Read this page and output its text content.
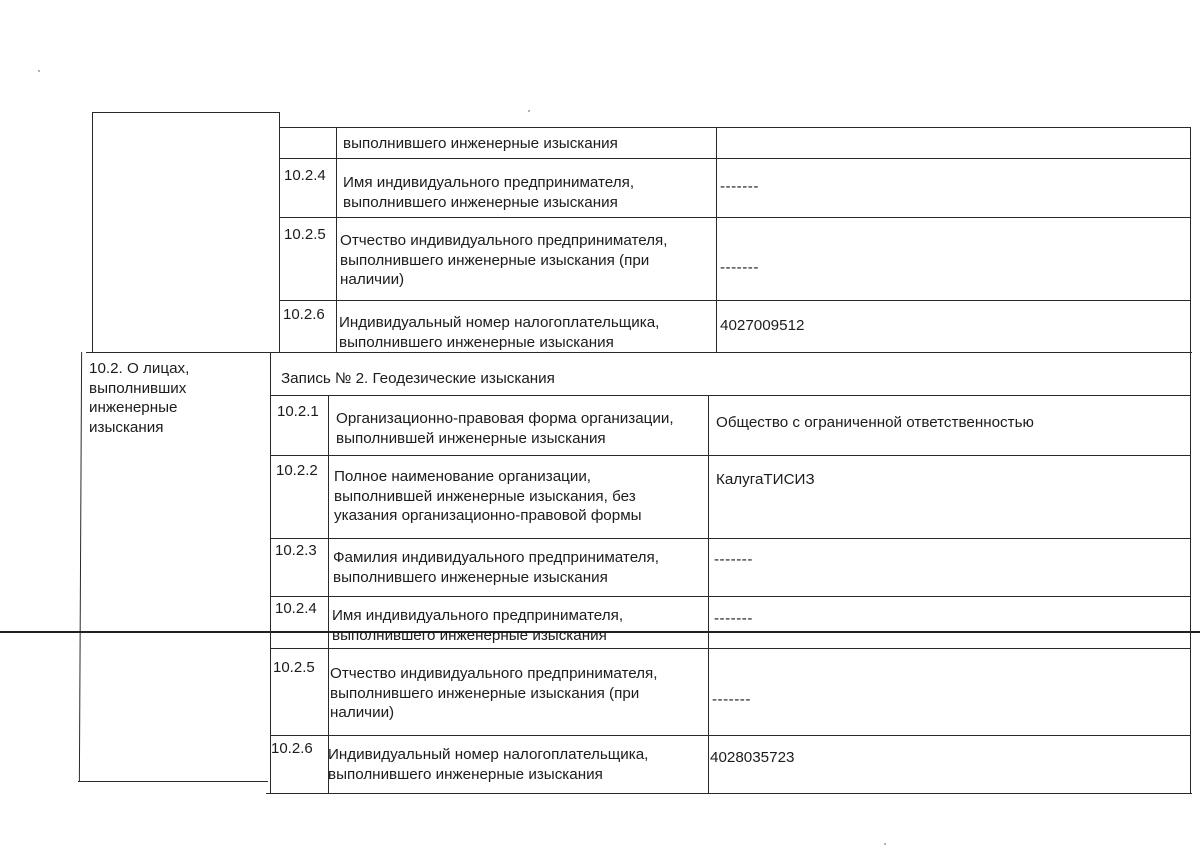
выполнившего инженерные изыскания
10.2.4 Имя индивидуального предпринимателя,
выполнившего инженерные изыскания
-------
10.2.5 Отчество индивидуального предпринимателя,
выполнившего инженерные изыскания (при
наличии)
-------
10.2.6 Индивидуальный номер налогоплательщика,
выполнившего инженерные изыскания
4027009512
10.2. О лицах,
выполнивших
инженерные
изыскания
Запись № 2. Геодезические изыскания
10.2.1 Организационно-правовая форма организации,
выполнившей инженерные изыскания
Общество с ограниченной ответственностью
10.2.2 Полное наименование организации,
выполнившей инженерные изыскания, без
указания организационно-правовой формы
КалугаТИСИЗ
10.2.3 Фамилия индивидуального предпринимателя,
выполнившего инженерные изыскания
-------
10.2.4 Имя индивидуального предпринимателя,
выполнившего инженерные изыскания
-------
10.2.5 Отчество индивидуального предпринимателя,
выполнившего инженерные изыскания (при
наличии)
-------
10.2.6 Индивидуальный номер налогоплательщика,
выполнившего инженерные изыскания
4028035723
